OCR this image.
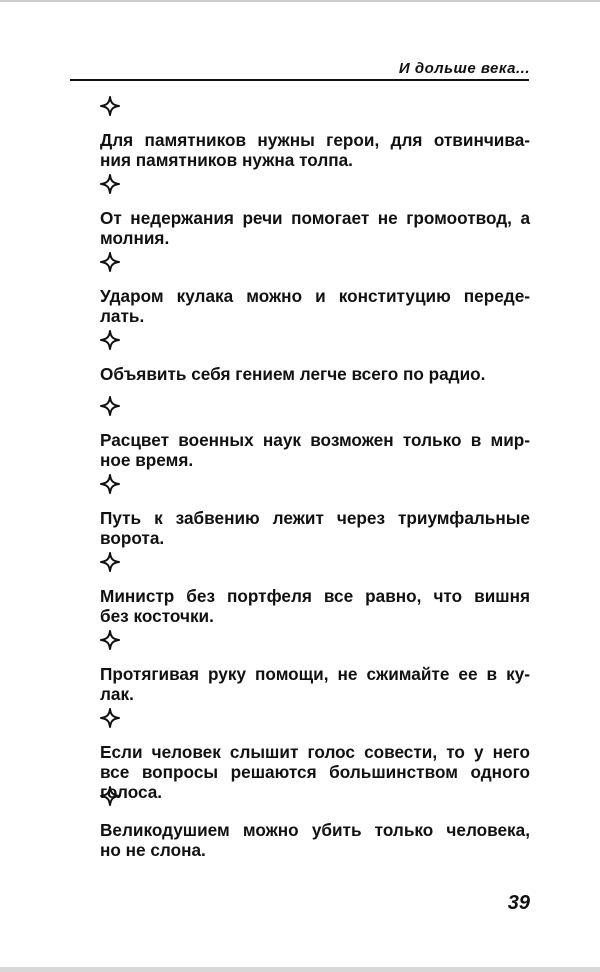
И дольше века...

Для памятников нужны герои, для отвинчива-
ния памятников нужна толпа.

От недержания речи помогает не громоотвод, а
молния.

Ударом кулака можно и конституцию переде-
лать.

Объявить себя гением легче всего по радио.

Расцвет военных наук возможен только в мир-
ное время.

Путь к забвению лежит через триумфальные
ворота.

Министр без портфеля все равно, что вишня
без косточки.

Протягивая руку помощи, не сжимайте ее в ку-
лак.

Если человек слышит голос совести, то у него
все вопросы решаются большинством одного голоса.

Великодушием можно убить только человека,
но не слона.

39
